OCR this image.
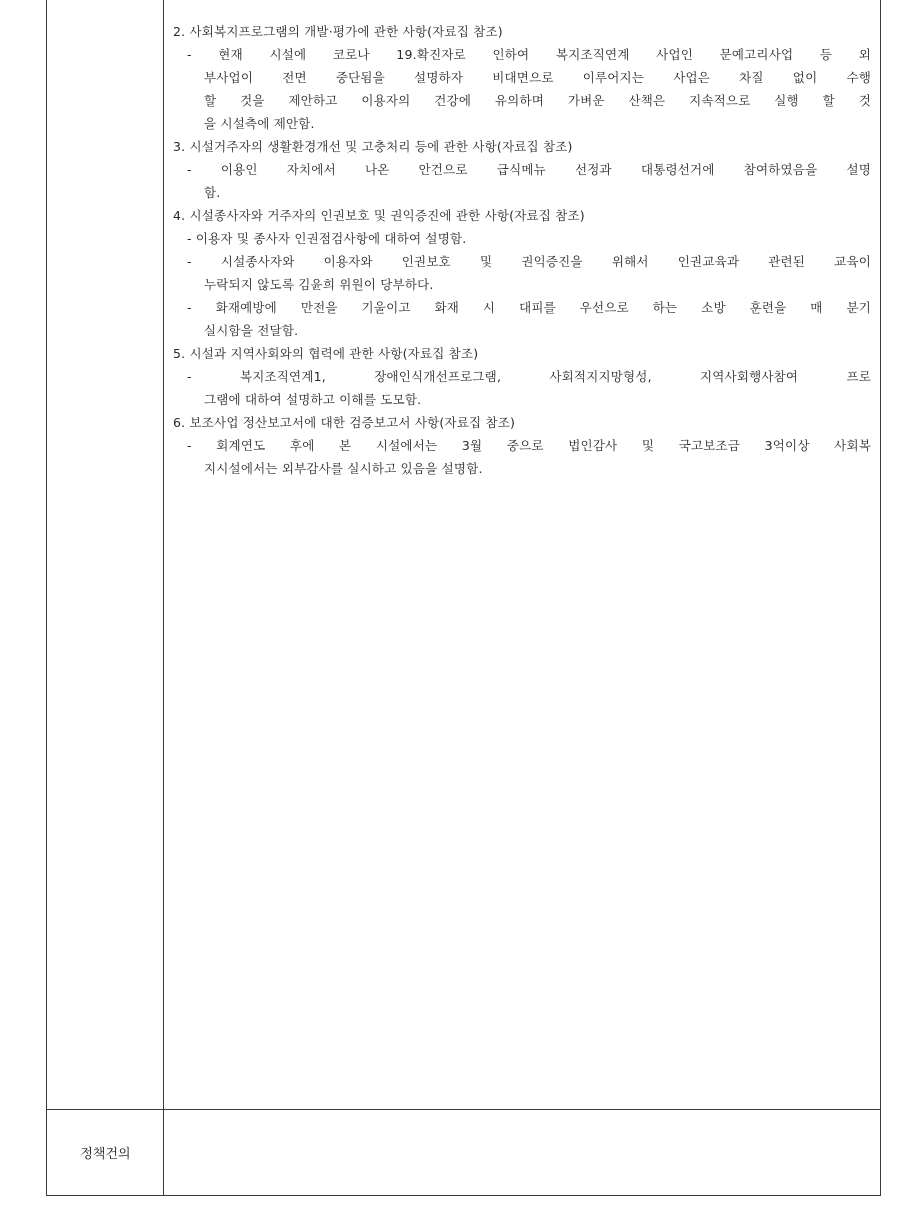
정책건의
2. 사회복지프로그램의 개발·평가에 관한 사항(자료집 참조)
- 현재 시설에 코로나 19.확진자로 인하여 복지조직연계 사업인 문예고리사업 등 외
부사업이 전면 중단됨을 설명하자 비대면으로 이루어지는 사업은 차질 없이 수행
할 것을 제안하고 이용자의 건강에 유의하며 가벼운 산책은 지속적으로 실행 할 것
을 시설측에 제안함.
3. 시설거주자의 생활환경개선 및 고충처리 등에 관한 사항(자료집 참조)
- 이용인 자치에서 나온 안건으로 급식메뉴 선정과 대통령선거에 참여하였음을 설명
함.
4. 시설종사자와 거주자의 인권보호 및 권익증진에 관한 사항(자료집 참조)
- 이용자 및 종사자 인권점검사항에 대하여 설명함.
- 시설종사자와 이용자와 인권보호 및 권익증진을 위해서 인권교육과 관련된 교육이
누락되지 않도록 김윤희 위원이 당부하다.
- 화재예방에 만전을 기울이고 화재 시 대피를 우선으로 하는 소방 훈련을 매 분기
실시함을 전달함.
5. 시설과 지역사회와의 협력에 관한 사항(자료집 참조)
- 복지조직연계1, 장애인식개선프로그램, 사회적지지망형성, 지역사회행사참여 프로
그램에 대하여 설명하고 이해를 도모함.
6. 보조사업 정산보고서에 대한 검증보고서 사항(자료집 참조)
- 회계연도 후에 본 시설에서는 3월 중으로 법인감사 및 국고보조금 3억이상 사회복
지시설에서는 외부감사를 실시하고 있음을 설명함.
